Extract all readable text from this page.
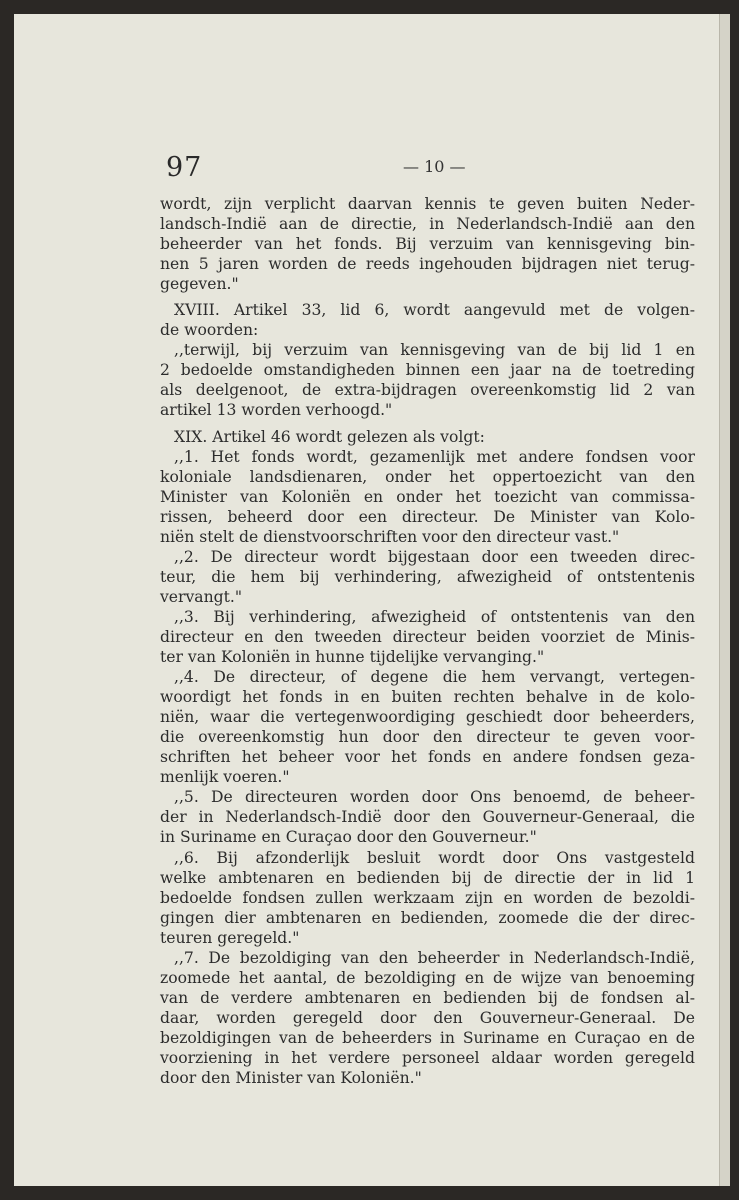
97	— 10 —
wordt, zijn verplicht daarvan kennis te geven buiten Neder-
landsch-Indië aan de directie, in Nederlandsch-Indië aan den
beheerder van het fonds. Bij verzuim van kennisgeving bin-
nen 5 jaren worden de reeds ingehouden bijdragen niet terug-
gegeven."
XVIII. Artikel 33, lid 6, wordt aangevuld met de volgen-
de woorden:
,,terwijl, bij verzuim van kennisgeving van de bij lid 1 en
2 bedoelde omstandigheden binnen een jaar na de toetreding
als deelgenoot, de extra-bijdragen overeenkomstig lid 2 van
artikel 13 worden verhoogd."
XIX. Artikel 46 wordt gelezen als volgt:
,,1. Het fonds wordt, gezamenlijk met andere fondsen voor
koloniale landsdienaren, onder het oppertoezicht van den
Minister van Koloniën en onder het toezicht van commissa-
rissen, beheerd door een directeur. De Minister van Kolo-
niën stelt de dienstvoorschriften voor den directeur vast."
,,2. De directeur wordt bijgestaan door een tweeden direc-
teur, die hem bij verhindering, afwezigheid of ontstentenis
vervangt."
,,3. Bij verhindering, afwezigheid of ontstentenis van den
directeur en den tweeden directeur beiden voorziet de Minis-
ter van Koloniën in hunne tijdelijke vervanging."
,,4. De directeur, of degene die hem vervangt, vertegen-
woordigt het fonds in en buiten rechten behalve in de kolo-
niën, waar die vertegenwoordiging geschiedt door beheerders,
die overeenkomstig hun door den directeur te geven voor-
schriften het beheer voor het fonds en andere fondsen geza-
menlijk voeren."
,,5. De directeuren worden door Ons benoemd, de beheer-
der in Nederlandsch-Indië door den Gouverneur-Generaal, die
in Suriname en Curaçao door den Gouverneur."
,,6. Bij afzonderlijk besluit wordt door Ons vastgesteld
welke ambtenaren en bedienden bij de directie der in lid 1
bedoelde fondsen zullen werkzaam zijn en worden de bezoldi-
gingen dier ambtenaren en bedienden, zoomede die der direc-
teuren geregeld."
,,7. De bezoldiging van den beheerder in Nederlandsch-Indië,
zoomede het aantal, de bezoldiging en de wijze van benoeming
van de verdere ambtenaren en bedienden bij de fondsen al-
daar, worden geregeld door den Gouverneur-Generaal. De
bezoldigingen van de beheerders in Suriname en Curaçao en de
voorziening in het verdere personeel aldaar worden geregeld
door den Minister van Koloniën."
